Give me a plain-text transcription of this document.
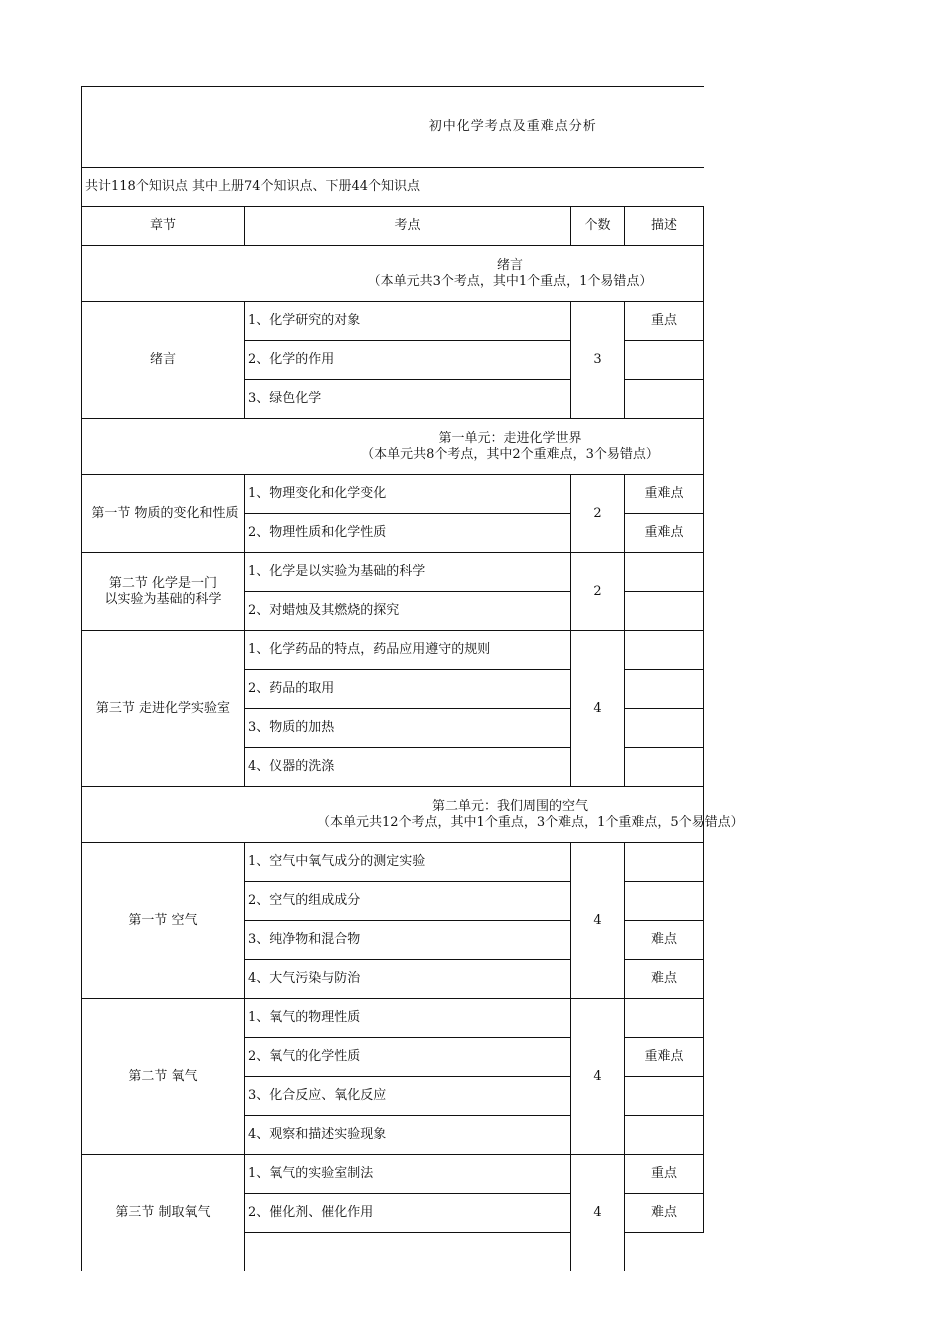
初中化学考点及重难点分析			
共计118个知识点 其中上册74个知识点、下册44个知识点			
章节	考点	个数	描述

绪言
（本单元共3个考点，其中1个重点，1个易错点）			

绪言	1、化学研究的对象	3	重点
	2、化学的作用		
	3、绿色化学		

第一单元：走进化学世界
（本单元共8个考点，其中2个重难点，3个易错点）			

第一节 物质的变化和性质	1、物理变化和化学变化	2	重难点
	2、物理性质和化学性质		重难点

第二节 化学是一门
以实验为基础的科学	1、化学是以实验为基础的科学	2	
	2、对蜡烛及其燃烧的探究		
第三节 走进化学实验室	1、化学药品的特点，药品应用遵守的规则	4	
	2、药品的取用		
	3、物质的加热		
	4、仪器的洗涤		

第二单元：我们周围的空气
（本单元共12个考点，其中1个重点，3个难点，1个重难点，5个易错点）			

第一节 空气	1、空气中氧气成分的测定实验	4	
	2、空气的组成成分		
	3、纯净物和混合物		难点
	4、大气污染与防治		难点
第二节 氧气	1、氧气的物理性质	4	
	2、氧气的化学性质		重难点
	3、化合反应、氧化反应		
	4、观察和描述实验现象		
第三节 制取氧气	1、氧气的实验室制法	4	重点
	2、催化剂、催化作用		难点
